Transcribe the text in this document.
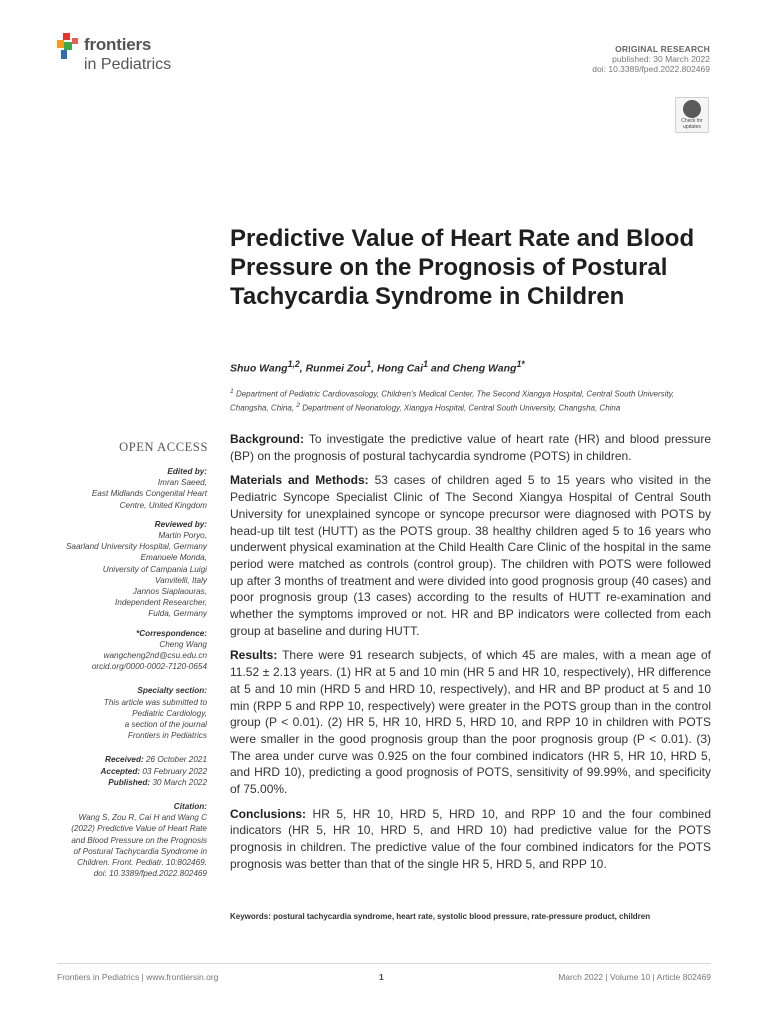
frontiers
in Pediatrics
ORIGINAL RESEARCH
published: 30 March 2022
doi: 10.3389/fped.2022.802469
Check for updates
Predictive Value of Heart Rate and Blood Pressure on the Prognosis of Postural Tachycardia Syndrome in Children
Shuo Wang$^{1,2}$, Runmei Zou$^1$, Hong Cai$^1$ and Cheng Wang$^{1*}$
$^1$ Department of Pediatric Cardiovasology, Children's Medical Center, The Second Xiangya Hospital, Central South University, Changsha, China, $^2$ Department of Neonatology, Xiangya Hospital, Central South University, Changsha, China
OPEN ACCESS
Edited by:
Imran Saeed,
East Midlands Congenital Heart
Centre, United Kingdom
Reviewed by:
Martin Poryo,
Saarland University Hospital, Germany
Emanuele Monda,
University of Campania Luigi
Vanvitelli, Italy
Jannos Siaplaouras,
Independent Researcher,
Fulda, Germany
*Correspondence:
Cheng Wang
wangcheng2nd@csu.edu.cn
orcid.org/0000-0002-7120-0654
Specialty section:
This article was submitted to
Pediatric Cardiology,
a section of the journal
Frontiers in Pediatrics
Received: 26 October 2021
Accepted: 03 February 2022
Published: 30 March 2022
Citation:
Wang S, Zou R, Cai H and Wang C
(2022) Predictive Value of Heart Rate
and Blood Pressure on the Prognosis
of Postural Tachycardia Syndrome in
Children. Front. Pediatr. 10:802469.
doi: 10.3389/fped.2022.802469

Background: To investigate the predictive value of heart rate (HR) and blood pressure (BP) on the prognosis of postural tachycardia syndrome (POTS) in children.

Materials and Methods: 53 cases of children aged 5 to 15 years who visited in the Pediatric Syncope Specialist Clinic of The Second Xiangya Hospital of Central South University for unexplained syncope or syncope precursor were diagnosed with POTS by head-up tilt test (HUTT) as the POTS group. 38 healthy children aged 5 to 16 years who underwent physical examination at the Child Health Care Clinic of the hospital in the same period were matched as controls (control group). The children with POTS were followed up after 3 months of treatment and were divided into good prognosis group (40 cases) and poor prognosis group (13 cases) according to the results of HUTT re-examination and whether the symptoms improved or not. HR and BP indicators were collected from each group at baseline and during HUTT.

Results: There were 91 research subjects, of which 45 are males, with a mean age of 11.52 ± 2.13 years. (1) HR at 5 and 10 min (HR 5 and HR 10, respectively), HR difference at 5 and 10 min (HRD 5 and HRD 10, respectively), and HR and BP product at 5 and 10 min (RPP 5 and RPP 10, respectively) were greater in the POTS group than in the control group (P < 0.01). (2) HR 5, HR 10, HRD 5, HRD 10, and RPP 10 in children with POTS were smaller in the good prognosis group than the poor prognosis group (P < 0.01). (3) The area under curve was 0.925 on the four combined indicators (HR 5, HR 10, HRD 5, and HRD 10), predicting a good prognosis of POTS, sensitivity of 99.99%, and specificity of 75.00%.

Conclusions: HR 5, HR 10, HRD 5, HRD 10, and RPP 10 and the four combined indicators (HR 5, HR 10, HRD 5, and HRD 10) had predictive value for the POTS prognosis in children. The predictive value of the four combined indicators for the POTS prognosis was better than that of the single HR 5, HRD 5, and RPP 10.

Keywords: postural tachycardia syndrome, heart rate, systolic blood pressure, rate-pressure product, children
Frontiers in Pediatrics | www.frontiersin.org	1	March 2022 | Volume 10 | Article 802469
